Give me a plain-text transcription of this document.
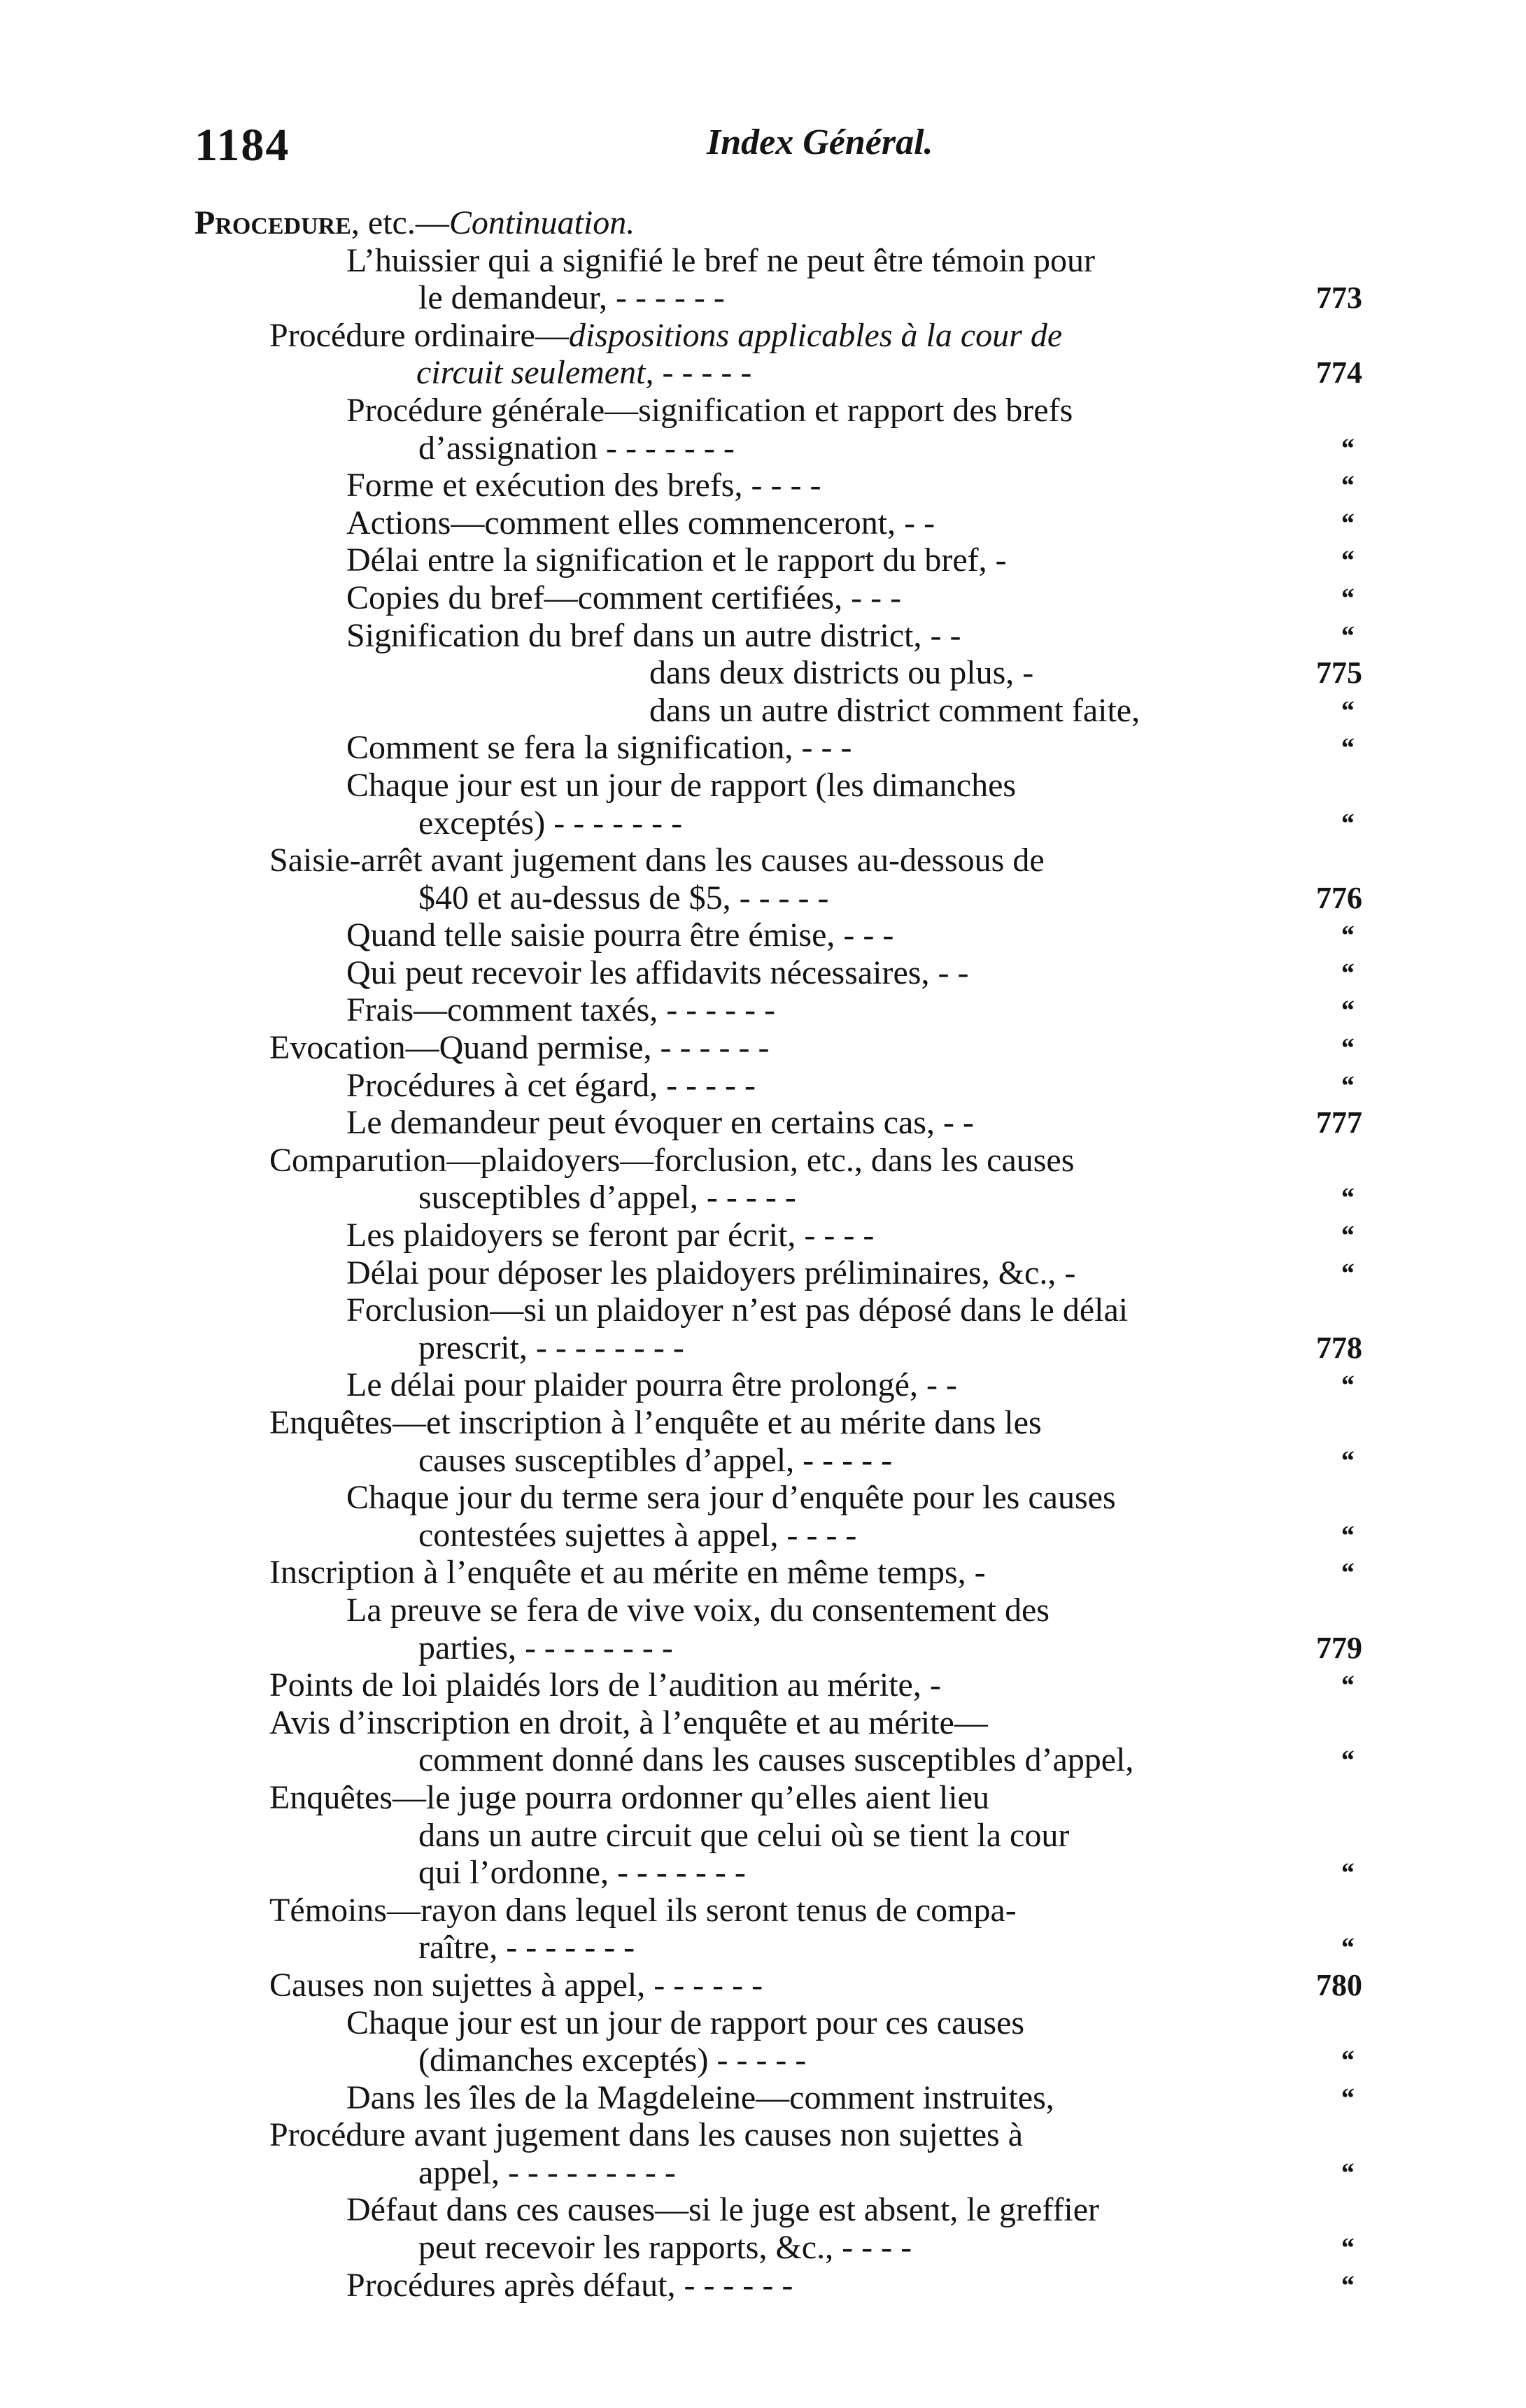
1184	Index Général.
Procedure, etc.—Continuation.
L’huissier qui a signifié le bref ne peut être témoin pour
le demandeur, - - - - - -	773
Procédure ordinaire—dispositions applicables à la cour de
circuit seulement, - - - - -	774
Procédure générale—signification et rapport des brefs
d’assignation - - - - - - -	“
Forme et exécution des brefs, - - - -	“
Actions—comment elles commenceront, - -	“
Délai entre la signification et le rapport du bref, -	“
Copies du bref—comment certifiées, - - -	“
Signification du bref dans un autre district, - -	“
dans deux districts ou plus, -	775
dans un autre district comment faite,	“
Comment se fera la signification, - - -	“
Chaque jour est un jour de rapport (les dimanches
exceptés) - - - - - - -	“
Saisie-arrêt avant jugement dans les causes au-dessous de
$40 et au-dessus de $5, - - - - -	776
Quand telle saisie pourra être émise, - - -	“
Qui peut recevoir les affidavits nécessaires, - -	“
Frais—comment taxés, - - - - - -	“
Evocation—Quand permise, - - - - - -	“
Procédures à cet égard, - - - - -	“
Le demandeur peut évoquer en certains cas, - -	777
Comparution—plaidoyers—forclusion, etc., dans les causes
susceptibles d’appel, - - - - -	“
Les plaidoyers se feront par écrit, - - - -	“
Délai pour déposer les plaidoyers préliminaires, &c., -	“
Forclusion—si un plaidoyer n’est pas déposé dans le délai
prescrit, - - - - - - - -	778
Le délai pour plaider pourra être prolongé, - -	“
Enquêtes—et inscription à l’enquête et au mérite dans les
causes susceptibles d’appel, - - - - -	“
Chaque jour du terme sera jour d’enquête pour les causes
contestées sujettes à appel, - - - -	“
Inscription à l’enquête et au mérite en même temps, -	“
La preuve se fera de vive voix, du consentement des
parties, - - - - - - - -	779
Points de loi plaidés lors de l’audition au mérite, -	“
Avis d’inscription en droit, à l’enquête et au mérite—
comment donné dans les causes susceptibles d’appel,	“
Enquêtes—le juge pourra ordonner qu’elles aient lieu
dans un autre circuit que celui où se tient la cour
qui l’ordonne, - - - - - - -	“
Témoins—rayon dans lequel ils seront tenus de compa-
raître, - - - - - - -	“
Causes non sujettes à appel, - - - - - -	780
Chaque jour est un jour de rapport pour ces causes
(dimanches exceptés) - - - - -	“
Dans les îles de la Magdeleine—comment instruites,	“
Procédure avant jugement dans les causes non sujettes à
appel, - - - - - - - - -	“
Défaut dans ces causes—si le juge est absent, le greffier
peut recevoir les rapports, &c., - - - -	“
Procédures après défaut, - - - - - -	“
